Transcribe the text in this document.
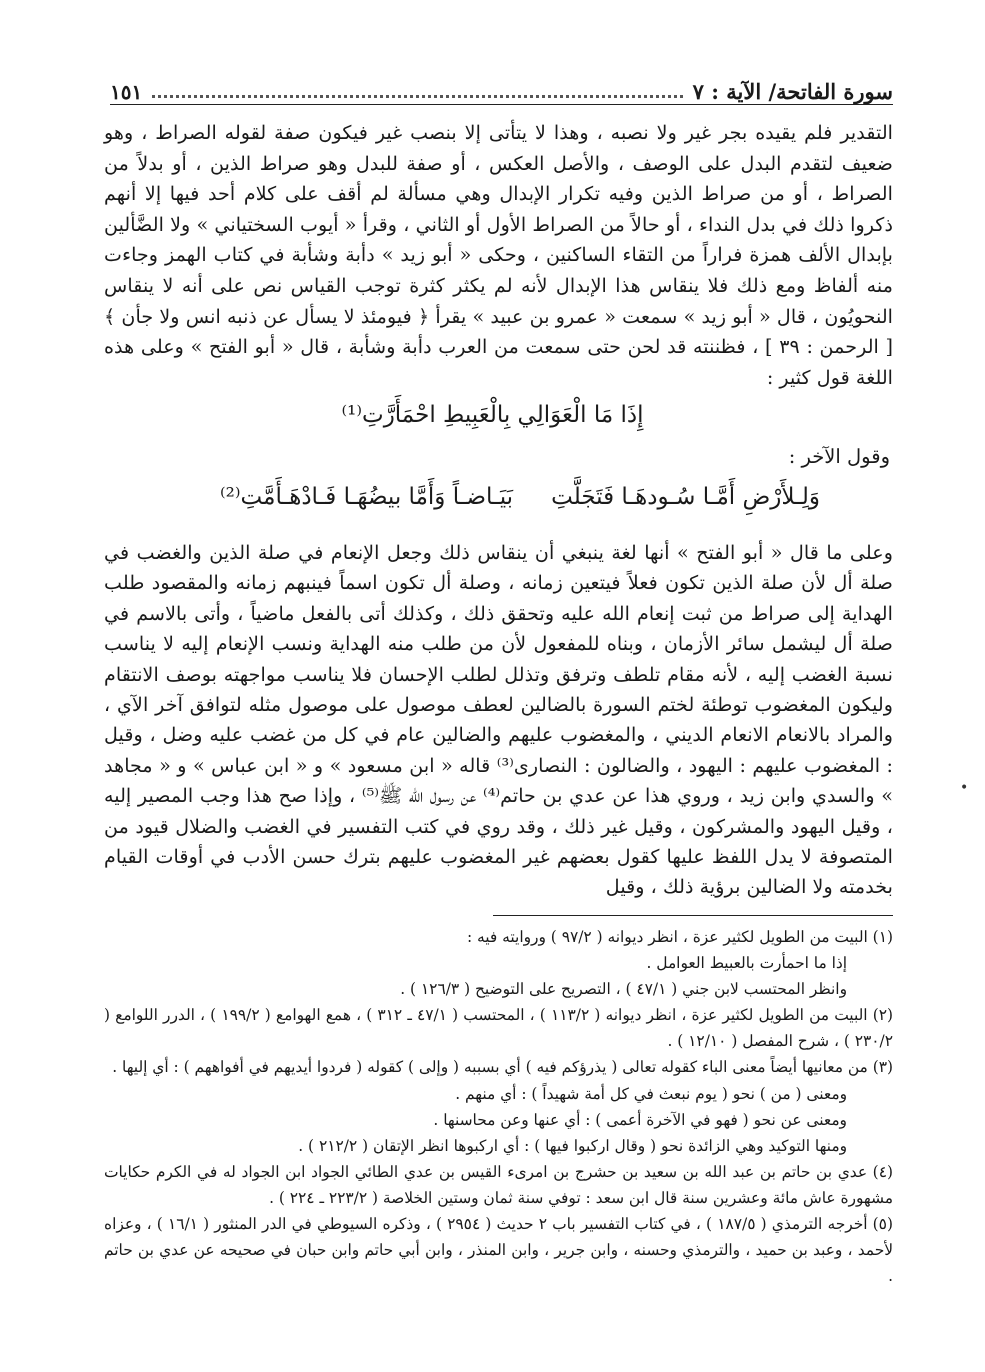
سورة الفاتحة/ الآية : ٧
١٥١

التقدير فلم يقيده بجر غير ولا نصبه ، وهذا لا يتأتى إلا بنصب غير فيكون صفة لقوله الصراط ، وهو ضعيف لتقدم البدل على الوصف ، والأصل العكس ، أو صفة للبدل وهو صراط الذين ، أو بدلاً من الصراط ، أو من صراط الذين وفيه تكرار الإبدال وهي مسألة لم أقف على كلام أحد فيها إلا أنهم ذكروا ذلك في بدل النداء ، أو حالاً من الصراط الأول أو الثاني ، وقرأ « أيوب السختياني » ولا الضَّألين بإبدال الألف همزة فراراً من التقاء الساكنين ، وحكى « أبو زيد » دأبة وشأبة في كتاب الهمز وجاءت منه ألفاظ ومع ذلك فلا ينقاس هذا الإبدال لأنه لم يكثر كثرة توجب القياس نص على أنه لا ينقاس النحويُون ، قال « أبو زيد » سمعت « عمرو بن عبيد » يقرأ ﴿ فيومئذ لا يسأل عن ذنبه انس ولا جأن ﴾ [ الرحمن : ٣٩ ] ، فظننته قد لحن حتى سمعت من العرب دأبة وشأبة ، قال « أبو الفتح » وعلى هذه اللغة قول كثير :

إِذَا مَا الْعَوَالِي بِالْعَبِيطِ احْمَأَرَّتِ⁽¹⁾
وقول الآخر :
وَلِـلأَرْضِ أَمَّـا سُـودهَـا فَتَجَلَّتِ
بَيَـاضـاً وَأَمَّا بيضُهَـا فَـادْهَـأَمَّتِ⁽²⁾

وعلى ما قال « أبو الفتح » أنها لغة ينبغي أن ينقاس ذلك وجعل الإنعام في صلة الذين والغضب في صلة أل لأن صلة الذين تكون فعلاً فيتعين زمانه ، وصلة أل تكون اسماً فينبهم زمانه والمقصود طلب الهداية إلى صراط من ثبت إنعام الله عليه وتحقق ذلك ، وكذلك أتى بالفعل ماضياً ، وأتى بالاسم في صلة أل ليشمل سائر الأزمان ، وبناه للمفعول لأن من طلب منه الهداية ونسب الإنعام إليه لا يناسب نسبة الغضب إليه ، لأنه مقام تلطف وترفق وتذلل لطلب الإحسان فلا يناسب مواجهته بوصف الانتقام وليكون المغضوب توطئة لختم السورة بالضالين لعطف موصول على موصول مثله لتوافق آخر الآي ، والمراد بالانعام الانعام الديني ، والمغضوب عليهم والضالين عام في كل من غضب عليه وضل ، وقيل : المغضوب عليهم : اليهود ، والضالون : النصارى⁽³⁾ قاله « ابن مسعود » و « ابن عباس » و « مجاهد » والسدي وابن زيد ، وروي هذا عن عدي بن حاتم⁽⁴⁾ عن رسول الله ﷺ⁽⁵⁾ ، وإذا صح هذا وجب المصير إليه ، وقيل اليهود والمشركون ، وقيل غير ذلك ، وقد روي في كتب التفسير في الغضب والضلال قيود من المتصوفة لا يدل اللفظ عليها كقول بعضهم غير المغضوب عليهم بترك حسن الأدب في أوقات القيام بخدمته ولا الضالين برؤية ذلك ، وقيل

(١) البيت من الطويل لكثير عزة ، انظر ديوانه ( ٩٧/٢ ) وروايته فيه :
إذا ما احمأرت بالعبيط العوامل .
وانظر المحتسب لابن جني ( ٤٧/١ ) ، التصريح على التوضيح ( ١٢٦/٣ ) .
(٢) البيت من الطويل لكثير عزة ، انظر ديوانه ( ١١٣/٢ ) ، المحتسب ( ٤٧/١ ـ ٣١٢ ) ، همع الهوامع ( ١٩٩/٢ ) ، الدرر اللوامع ( ٢٣٠/٢ ) ، شرح المفصل ( ١٢/١٠ ) .
(٣) من معانيها أيضاً معنى الباء كقوله تعالى ( يذرؤكم فيه ) أي بسببه ( وإلى ) كقوله ( فردوا أيديهم في أفواههم ) : أي إليها .
ومعنى ( من ) نحو ( يوم نبعث في كل أمة شهيداً ) : أي منهم .
ومعنى عن نحو ( فهو في الآخرة أعمى ) : أي عنها وعن محاسنها .
ومنها التوكيد وهي الزائدة نحو ( وقال اركبوا فيها ) : أي اركبوها انظر الإتقان ( ٢١٢/٢ ) .
(٤) عدي بن حاتم بن عبد الله بن سعيد بن حشرج بن امرىء القيس بن عدي الطائي الجواد ابن الجواد له في الكرم حكايات مشهورة عاش مائة وعشرين سنة قال ابن سعد : توفي سنة ثمان وستين الخلاصة ( ٢٢٣/٢ ـ ٢٢٤ ) .
(٥) أخرجه الترمذي ( ١٨٧/٥ ) ، في كتاب التفسير باب ٢ حديث ( ٢٩٥٤ ) ، وذكره السيوطي في الدر المنثور ( ١٦/١ ) ، وعزاه لأحمد ، وعبد بن حميد ، والترمذي وحسنه ، وابن جرير ، وابن المنذر ، وابن أبي حاتم وابن حبان في صحيحه عن عدي بن حاتم .
•
